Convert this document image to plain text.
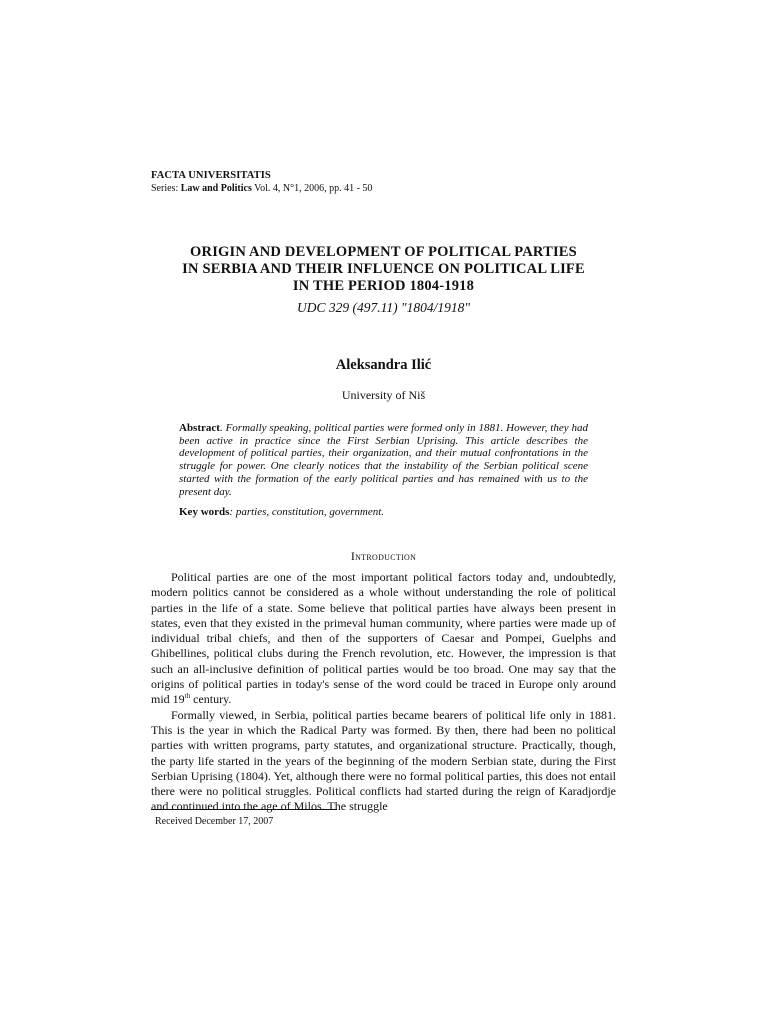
FACTA UNIVERSITATIS
Series: Law and Politics Vol. 4, N°1, 2006, pp. 41 - 50
ORIGIN AND DEVELOPMENT OF POLITICAL PARTIES
IN SERBIA AND THEIR INFLUENCE ON POLITICAL LIFE
IN THE PERIOD 1804-1918
UDC 329 (497.11) "1804/1918"
Aleksandra Ilić
University of Niš
Abstract. Formally speaking, political parties were formed only in 1881. However, they had been active in practice since the First Serbian Uprising. This article describes the development of political parties, their organization, and their mutual confrontations in the struggle for power. One clearly notices that the instability of the Serbian political scene started with the formation of the early political parties and has remained with us to the present day.
Key words: parties, constitution, government.
Introduction

Political parties are one of the most important political factors today and, undoubtedly, modern politics cannot be considered as a whole without understanding the role of political parties in the life of a state. Some believe that political parties have always been present in states, even that they existed in the primeval human community, where parties were made up of individual tribal chiefs, and then of the supporters of Caesar and Pompei, Guelphs and Ghibellines, political clubs during the French revolution, etc. However, the impression is that such an all-inclusive definition of political parties would be too broad. One may say that the origins of political parties in today's sense of the word could be traced in Europe only around mid 19th century.

Formally viewed, in Serbia, political parties became bearers of political life only in 1881. This is the year in which the Radical Party was formed. By then, there had been no political parties with written programs, party statutes, and organizational structure. Practically, though, the party life started in the years of the beginning of the modern Serbian state, during the First Serbian Uprising (1804). Yet, although there were no formal political parties, this does not entail there were no political struggles. Political conflicts had started during the reign of Karadjordje and continued into the age of Milos. The struggle

Received December 17, 2007
